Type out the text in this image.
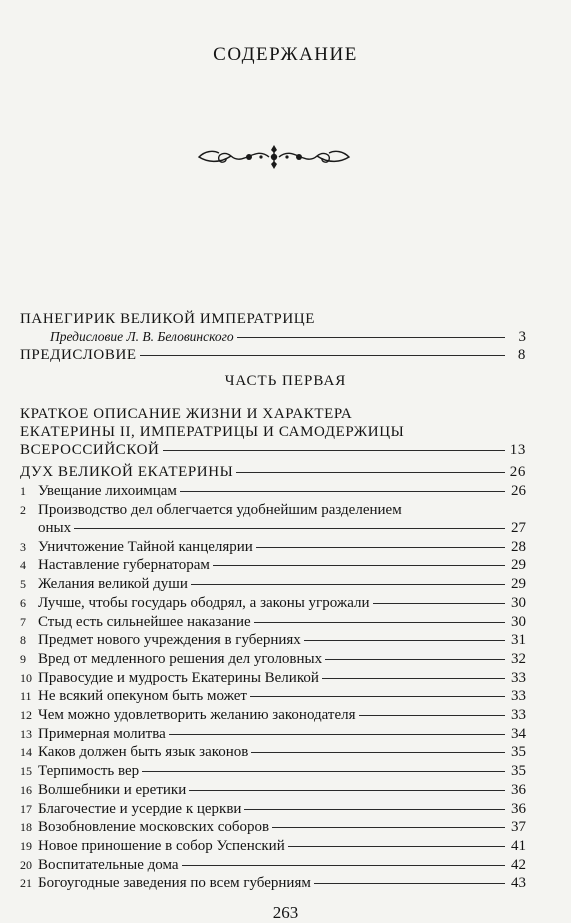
СОДЕРЖАНИЕ
ПАНЕГИРИК ВЕЛИКОЙ ИМПЕРАТРИЦЕ
Предисловие Л. В. Беловинского	3
ПРЕДИСЛОВИЕ	8
ЧАСТЬ ПЕРВАЯ
КРАТКОЕ ОПИСАНИЕ ЖИЗНИ И ХАРАКТЕРА
ЕКАТЕРИНЫ II, ИМПЕРАТРИЦЫ И САМОДЕРЖИЦЫ
ВСЕРОССИЙСКОЙ	13
ДУХ ВЕЛИКОЙ ЕКАТЕРИНЫ	26
1 Увещание лихоимцам	26
2 Производство дел облегчается удобнейшим разделением
оных	27
3 Уничтожение Тайной канцелярии	28
4 Наставление губернаторам	29
5 Желания великой души	29
6 Лучше, чтобы государь ободрял, а законы угрожали	30
7 Стыд есть сильнейшее наказание	30
8 Предмет нового учреждения в губерниях	31
9 Вред от медленного решения дел уголовных	32
10 Правосудие и мудрость Екатерины Великой	33
11 Не всякий опекуном быть может	33
12 Чем можно удовлетворить желанию законодателя	33
13 Примерная молитва	34
14 Каков должен быть язык законов	35
15 Терпимость вер	35
16 Волшебники и еретики	36
17 Благочестие и усердие к церкви	36
18 Возобновление московских соборов	37
19 Новое приношение в собор Успенский	41
20 Воспитательные дома	42
21 Богоугодные заведения по всем губерниям	43
263
